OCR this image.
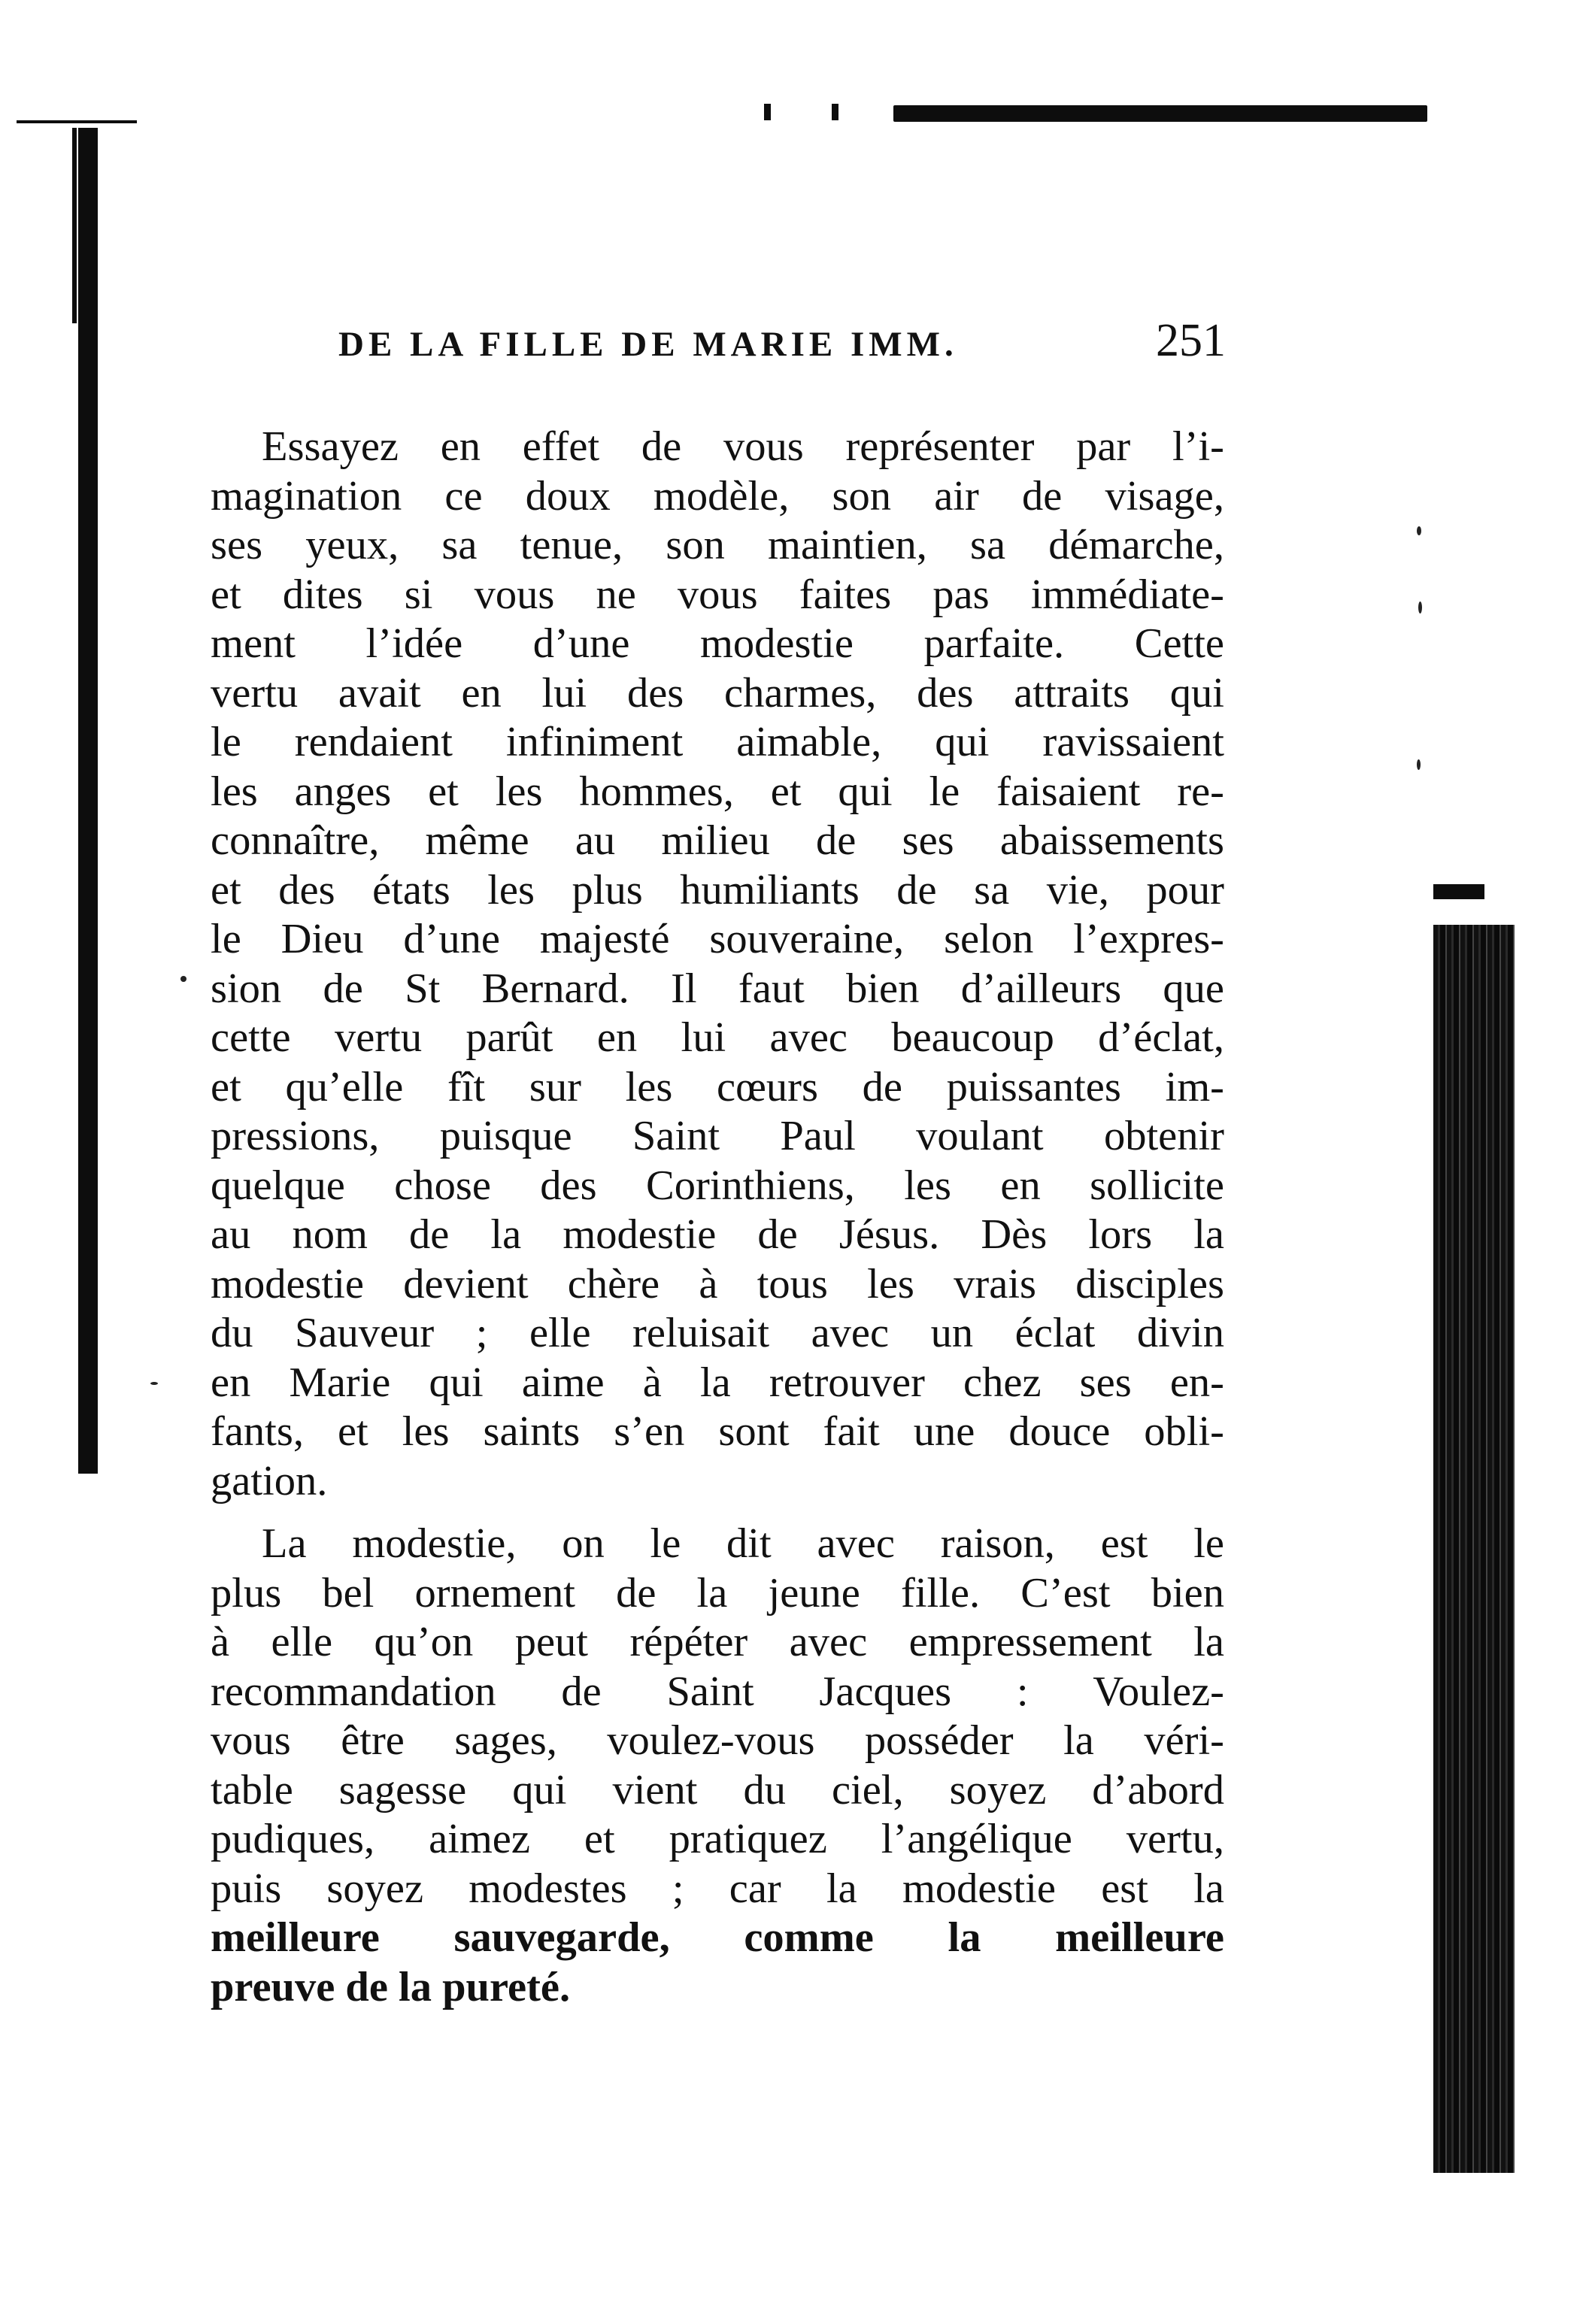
DE LA FILLE DE MARIE IMM.	251

Essayez en effet de vous représenter par l’i-
magination ce doux modèle, son air de visage,
ses yeux, sa tenue, son maintien, sa démarche,
et dites si vous ne vous faites pas immédiate-
ment l’idée d’une modestie parfaite. Cette
vertu avait en lui des charmes, des attraits qui
le rendaient infiniment aimable, qui ravissaient
les anges et les hommes, et qui le faisaient re-
connaître, même au milieu de ses abaissements
et des états les plus humiliants de sa vie, pour
le Dieu d’une majesté souveraine, selon l’expres-
sion de St Bernard. Il faut bien d’ailleurs que
cette vertu parût en lui avec beaucoup d’éclat,
et qu’elle fît sur les cœurs de puissantes im-
pressions, puisque Saint Paul voulant obtenir
quelque chose des Corinthiens, les en sollicite
au nom de la modestie de Jésus. Dès lors la
modestie devient chère à tous les vrais disciples
du Sauveur ; elle reluisait avec un éclat divin
en Marie qui aime à la retrouver chez ses en-
fants, et les saints s’en sont fait une douce obli-
gation.

La modestie, on le dit avec raison, est le
plus bel ornement de la jeune fille. C’est bien
à elle qu’on peut répéter avec empressement la
recommandation de Saint Jacques : Voulez-
vous être sages, voulez-vous posséder la véri-
table sagesse qui vient du ciel, soyez d’abord
pudiques, aimez et pratiquez l’angélique vertu,
puis soyez modestes ; car la modestie est la
meilleure sauvegarde, comme la meilleure
preuve de la pureté.
